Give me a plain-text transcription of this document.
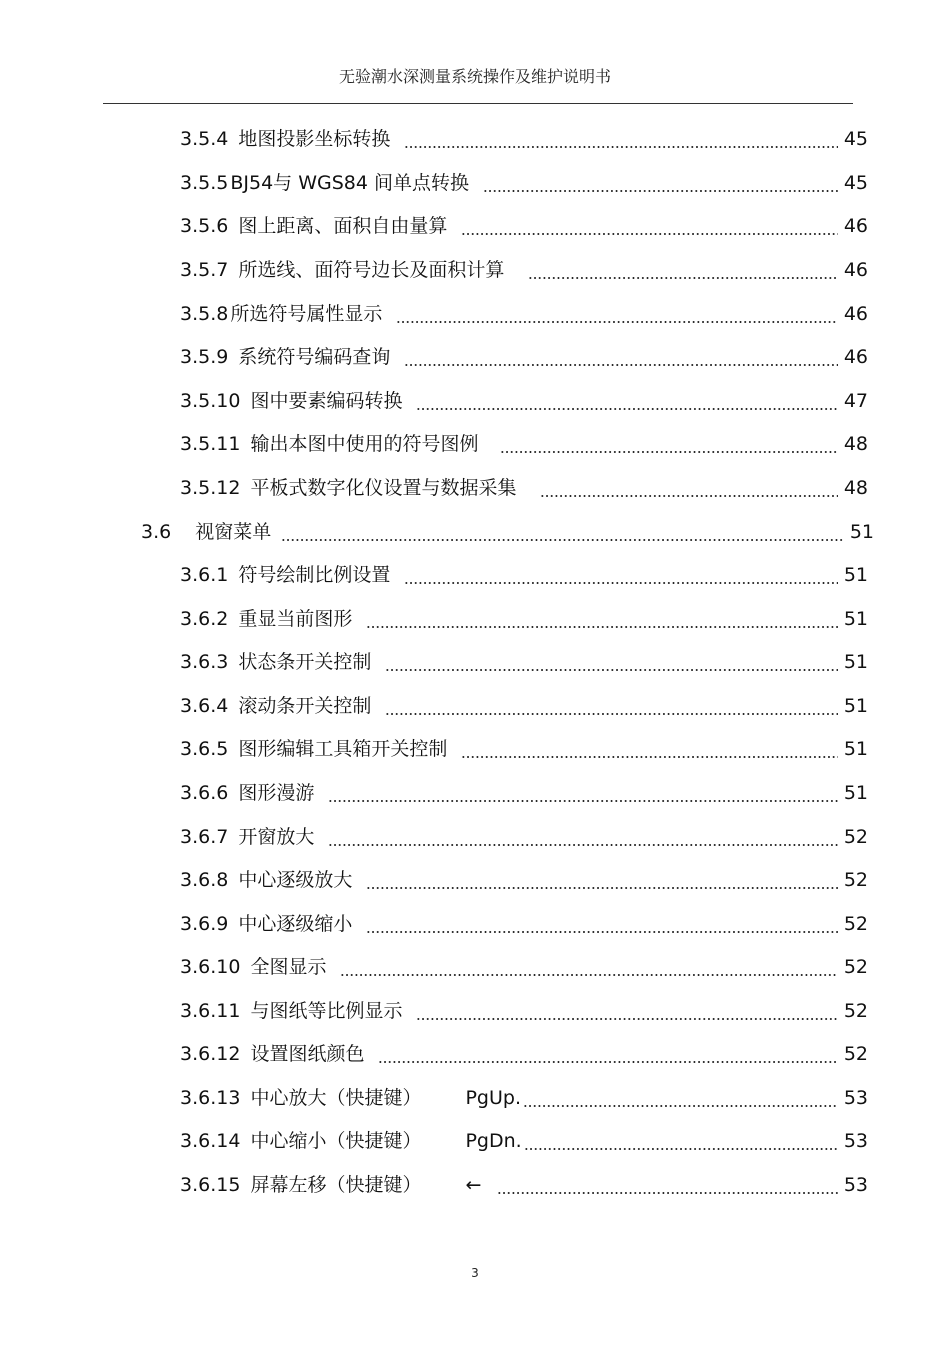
无验潮水深测量系统操作及维护说明书
3.5.4 地图投影坐标转换	45
3.5.5 BJ54与 WGS84 间单点转换	45
3.5.6 图上距离、面积自由量算	46
3.5.7 所选线、面符号边长及面积计算	46
3.5.8 所选符号属性显示	46
3.5.9 系统符号编码查询	46
3.5.10 图中要素编码转换	47
3.5.11 输出本图中使用的符号图例	48
3.5.12 平板式数字化仪设置与数据采集	48
3.6 视窗菜单	51
3.6.1 符号绘制比例设置	51
3.6.2 重显当前图形	51
3.6.3 状态条开关控制	51
3.6.4 滚动条开关控制	51
3.6.5 图形编辑工具箱开关控制	51
3.6.6 图形漫游	51
3.6.7 开窗放大	52
3.6.8 中心逐级放大	52
3.6.9 中心逐级缩小	52
3.6.10 全图显示	52
3.6.11 与图纸等比例显示	52
3.6.12 设置图纸颜色	52
3.6.13 中心放大（快捷键） PgUp.	53
3.6.14 中心缩小（快捷键） PgDn.	53
3.6.15 屏幕左移（快捷键） ←	53
3
